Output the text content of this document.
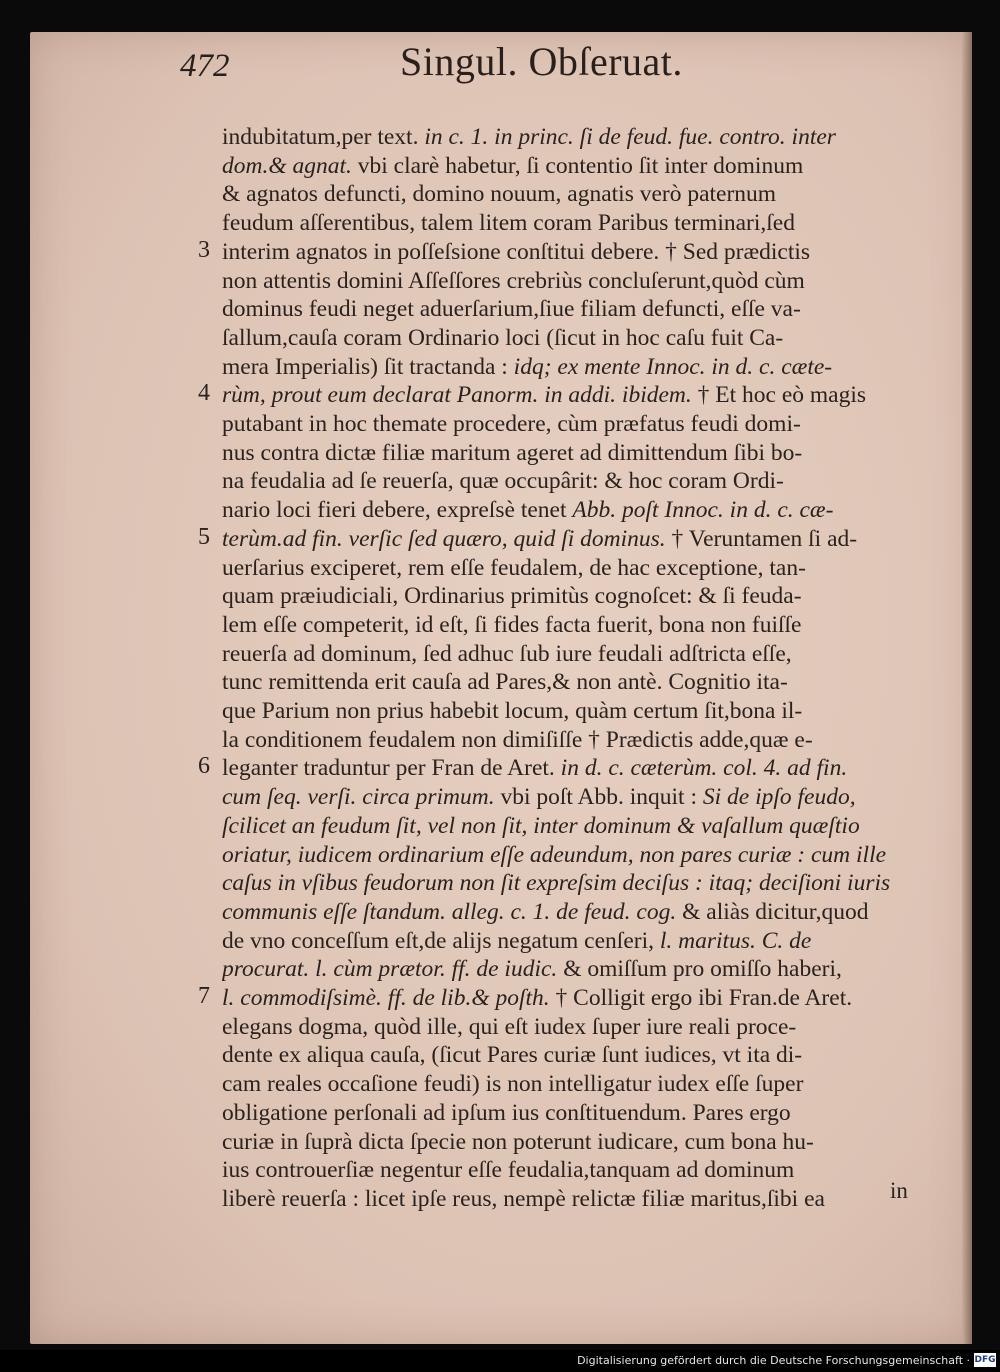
472	Singul. Obſeruat.
indubitatum,per text. in c. 1. in princ. ſi de feud. fue. contro. inter
dom.& agnat. vbi clarè habetur, ſi contentio ſit inter dominum
& agnatos defuncti, domino nouum, agnatis verò paternum
feudum aſſerentibus, talem litem coram Paribus terminari,ſed
interim agnatos in poſſeſsione conſtitui debere. † Sed prædictis
non attentis domini Aſſeſſores crebriùs concluſerunt,quòd cùm
dominus feudi neget aduerſarium,ſiue filiam defuncti, eſſe va-
ſallum,cauſa coram Ordinario loci (ſicut in hoc caſu fuit Ca-
mera Imperialis) ſit tractanda : idq; ex mente Innoc. in d. c. cæte-
rùm, prout eum declarat Panorm. in addi. ibidem. † Et hoc eò magis
putabant in hoc themate procedere, cùm præfatus feudi domi-
nus contra dictæ filiæ maritum ageret ad dimittendum ſibi bo-
na feudalia ad ſe reuerſa, quæ occupârit: & hoc coram Ordi-
nario loci fieri debere, expreſsè tenet Abb. poſt Innoc. in d. c. cæ-
terùm.ad fin. verſic ſed quæro, quid ſi dominus. † Veruntamen ſi ad-
uerſarius exciperet, rem eſſe feudalem, de hac exceptione, tan-
quam præiudiciali, Ordinarius primitùs cognoſcet: & ſi feuda-
lem eſſe competerit, id eſt, ſi fides facta fuerit, bona non fuiſſe
reuerſa ad dominum, ſed adhuc ſub iure feudali adſtricta eſſe,
tunc remittenda erit cauſa ad Pares,& non antè. Cognitio ita-
que Parium non prius habebit locum, quàm certum ſit,bona il-
la conditionem feudalem non dimiſiſſe † Prædictis adde,quæ e-
leganter traduntur per Fran de Aret. in d. c. cæterùm. col. 4. ad fin.
cum ſeq. verſi. circa primum. vbi poſt Abb. inquit : Si de ipſo feudo,
ſcilicet an feudum ſit, vel non ſit, inter dominum & vaſallum quæſtio
oriatur, iudicem ordinarium eſſe adeundum, non pares curiæ : cum ille
caſus in vſibus feudorum non ſit expreſsim deciſus : itaq; deciſioni iuris
communis eſſe ſtandum. alleg. c. 1. de feud. cog. & aliàs dicitur,quod
de vno conceſſum eſt,de alijs negatum cenſeri, l. maritus. C. de
procurat. l. cùm prætor. ff. de iudic. & omiſſum pro omiſſo haberi,
l. commodiſsimè. ff. de lib.& poſth. † Colligit ergo ibi Fran.de Aret.
elegans dogma, quòd ille, qui eſt iudex ſuper iure reali proce-
dente ex aliqua cauſa, (ſicut Pares curiæ ſunt iudices, vt ita di-
cam reales occaſione feudi) is non intelligatur iudex eſſe ſuper
obligatione perſonali ad ipſum ius conſtituendum. Pares ergo
curiæ in ſuprà dicta ſpecie non poterunt iudicare, cum bona hu-
ius controuerſiæ negentur eſſe feudalia,tanquam ad dominum
liberè reuerſa : licet ipſe reus, nempè relictæ filiæ maritus,ſibi ea
3
4
5
6
7
in
Digitalisierung gefördert durch die Deutsche Forschungsgemeinschaft · DFG
